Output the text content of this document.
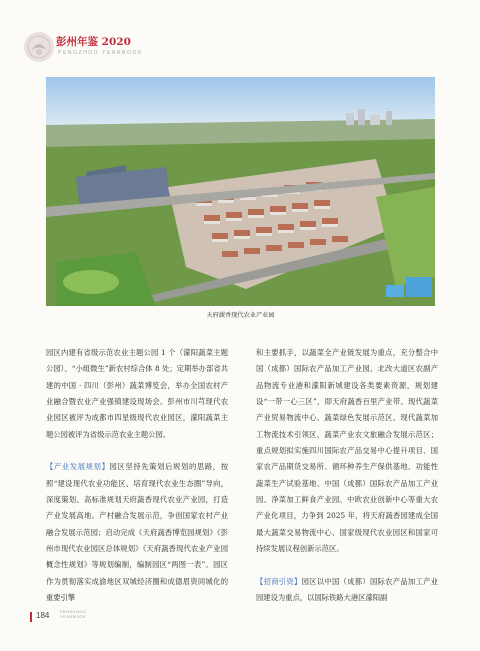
彭州年鉴 2020
PENGZHOU YEARBOOK
天府蔬香现代农业产业园

园区内建有省级示范农业主题公园 1 个（濛阳蔬菜主题公园）、“小组微生”新农村综合体 8 处；定期举办部省共建的中国 · 四川（彭州）蔬菜博览会，举办全国农村产业融合暨农业产业强镇建设现场会。彭州市川芎现代农业园区被评为成都市四星级现代农业园区，濛阳蔬菜主题公园被评为省级示范农业主题公园。

【产业发展规划】园区坚持先策划后规划的思路，按照“建设现代农业功能区、培育现代农业生态圈”导向，深度策划、高标准规划天府蔬香现代农业产业园，打造产业发展高地。产村融合发展示范，争创国家农村产业融合发展示范园；启动完成《天府蔬香博览园规划》《彭州市现代农业园区总体规划》《天府蔬香现代农业产业园概念性规划》等规划编制，编制园区“两图一表”。园区作为贯彻落实成渝地区双城经济圈和成德眉资同城化的重要引擎

和主要抓手，以蔬菜全产业链发展为重点，充分整合中国（成都）国际农产品加工产业园、北改大道区农副产品物流专业港和濛阳新城建设各类要素资源，规划建设“一带一心三区”，即天府蔬香百里产业带、现代蔬菜产业贸易物流中心、蔬菜绿色发展示范区、现代蔬菜加工物流技术引领区、蔬菜产业农文旅融合发展示范区；重点规划拟实施四川国际农产品交易中心提升项目、国家农产品期货交易所、循环种养生产保供基地、功能性蔬菜生产试验基地、中国（成都）国际农产品加工产业园、净菜加工鲜食产业园、中欧农业创新中心等重大农产业化项目，力争到 2025 年，将天府蔬香园建成全国最大蔬菜交易物流中心、国家级现代农业园区和国家可持续发展议程创新示范区。

【招商引资】园区以中国（成都）国际农产品加工产业园建设为重点，以国际铁路大港区濛阳副

184	PENGZHOU
YEARBOOK
